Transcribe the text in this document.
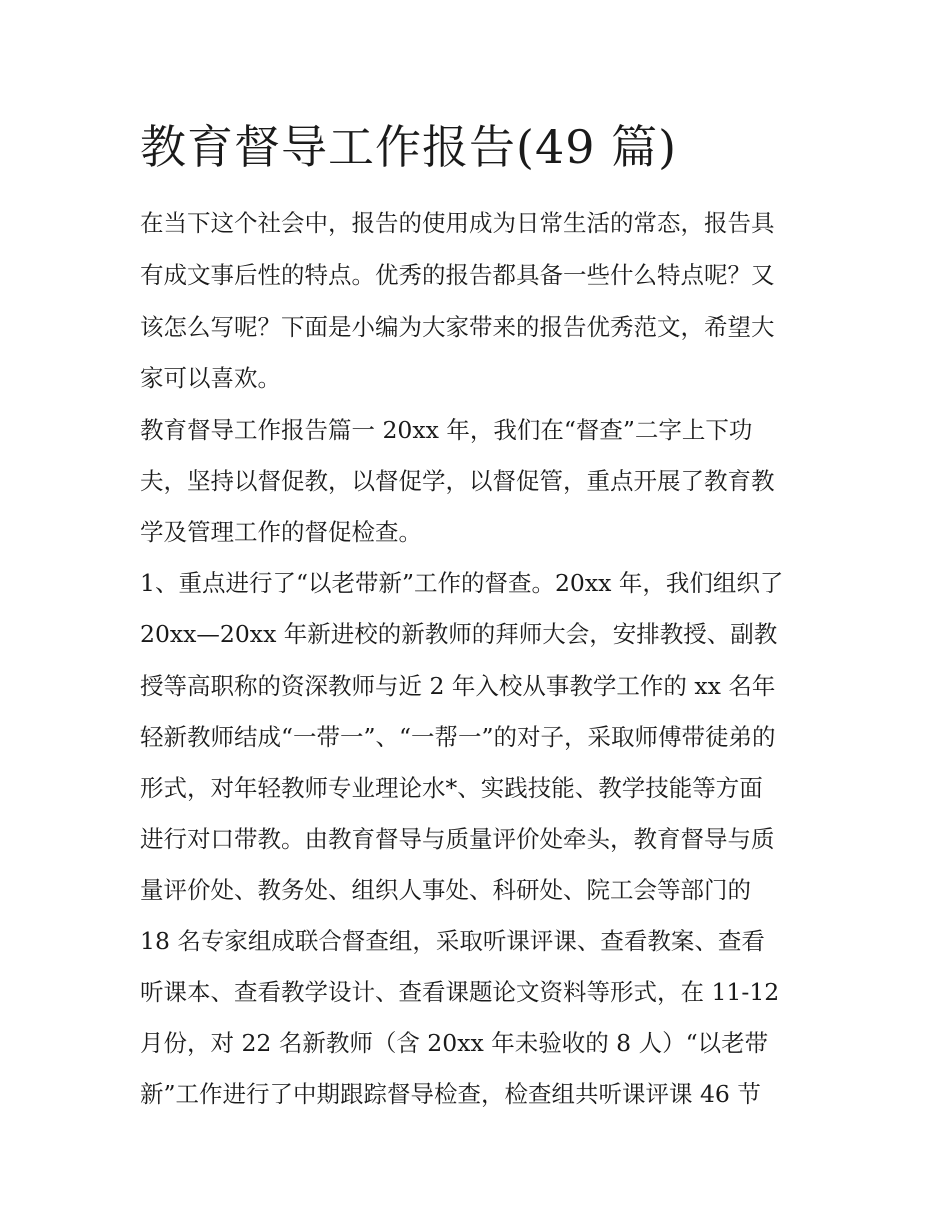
教育督导工作报告(49 篇)

在当下这个社会中，报告的使用成为日常生活的常态，报告具

有成文事后性的特点。优秀的报告都具备一些什么特点呢？又

该怎么写呢？下面是小编为大家带来的报告优秀范文，希望大

家可以喜欢。

教育督导工作报告篇一 20xx 年，我们在“督查”二字上下功

夫，坚持以督促教，以督促学，以督促管，重点开展了教育教

学及管理工作的督促检查。

1、重点进行了“以老带新”工作的督查。20xx 年，我们组织了

20xx—20xx 年新进校的新教师的拜师大会，安排教授、副教

授等高职称的资深教师与近 2 年入校从事教学工作的 xx 名年

轻新教师结成“一带一”、“一帮一”的对子，采取师傅带徒弟的

形式，对年轻教师专业理论水*、实践技能、教学技能等方面

进行对口带教。由教育督导与质量评价处牵头，教育督导与质

量评价处、教务处、组织人事处、科研处、院工会等部门的

18 名专家组成联合督查组，采取听课评课、查看教案、查看

听课本、查看教学设计、查看课题论文资料等形式，在 11-12

月份，对 22 名新教师（含 20xx 年未验收的 8 人）“以老带

新”工作进行了中期跟踪督导检查，检查组共听课评课 46 节
